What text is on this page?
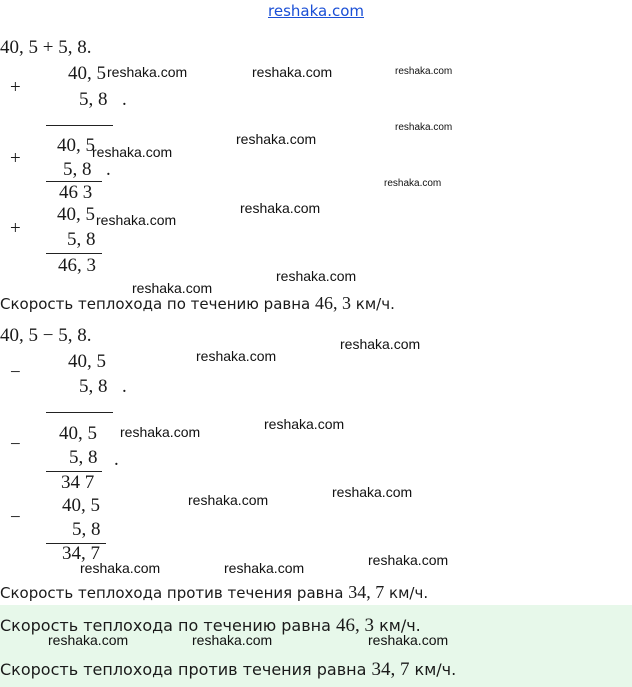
reshaka.com
40, 5 + 5, 8.
+
40, 5
5, 8 .
+
40, 5
5, 8 .
46 3
+
40, 5
5, 8
46, 3
Скорость теплохода по течению равна 46, 3 км/ч.
40, 5 − 5, 8.
−
40, 5
5, 8 .
−
40, 5
5, 8 .
34 7
−
40, 5
5, 8
34, 7
Скорость теплохода против течения равна 34, 7 км/ч.
Скорость теплохода по течению равна 46, 3 км/ч.
Скорость теплохода против течения равна 34, 7 км/ч.
reshaka.com	reshaka.com	reshaka.com
reshaka.com
reshaka.com
reshaka.com
reshaka.com
reshaka.com
reshaka.com
reshaka.com
reshaka.com
reshaka.com
reshaka.com
reshaka.com
reshaka.com
reshaka.com
reshaka.com
reshaka.com
reshaka.com	reshaka.com
reshaka.com	reshaka.com	reshaka.com
